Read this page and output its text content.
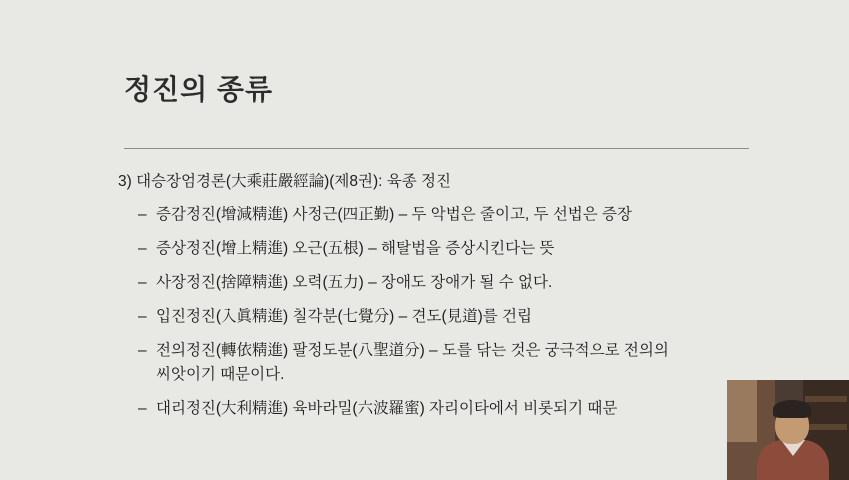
정진의 종류

3) 대승장엄경론(大乘莊嚴經論)(제8권): 육종 정진

– 증감정진(增減精進) 사정근(四正勤) – 두 악법은 줄이고, 두 선법은 증장
– 증상정진(增上精進) 오근(五根) – 해탈법을 증상시킨다는 뜻
– 사장정진(捨障精進) 오력(五力) – 장애도 장애가 될 수 없다.
– 입진정진(入眞精進) 칠각분(七覺分) – 견도(見道)를 건립
– 전의정진(轉依精進) 팔정도분(八聖道分) – 도를 닦는 것은 궁극적으로 전의의
씨앗이기 때문이다.
– 대리정진(大利精進) 육바라밀(六波羅蜜) 자리이타에서 비롯되기 때문
